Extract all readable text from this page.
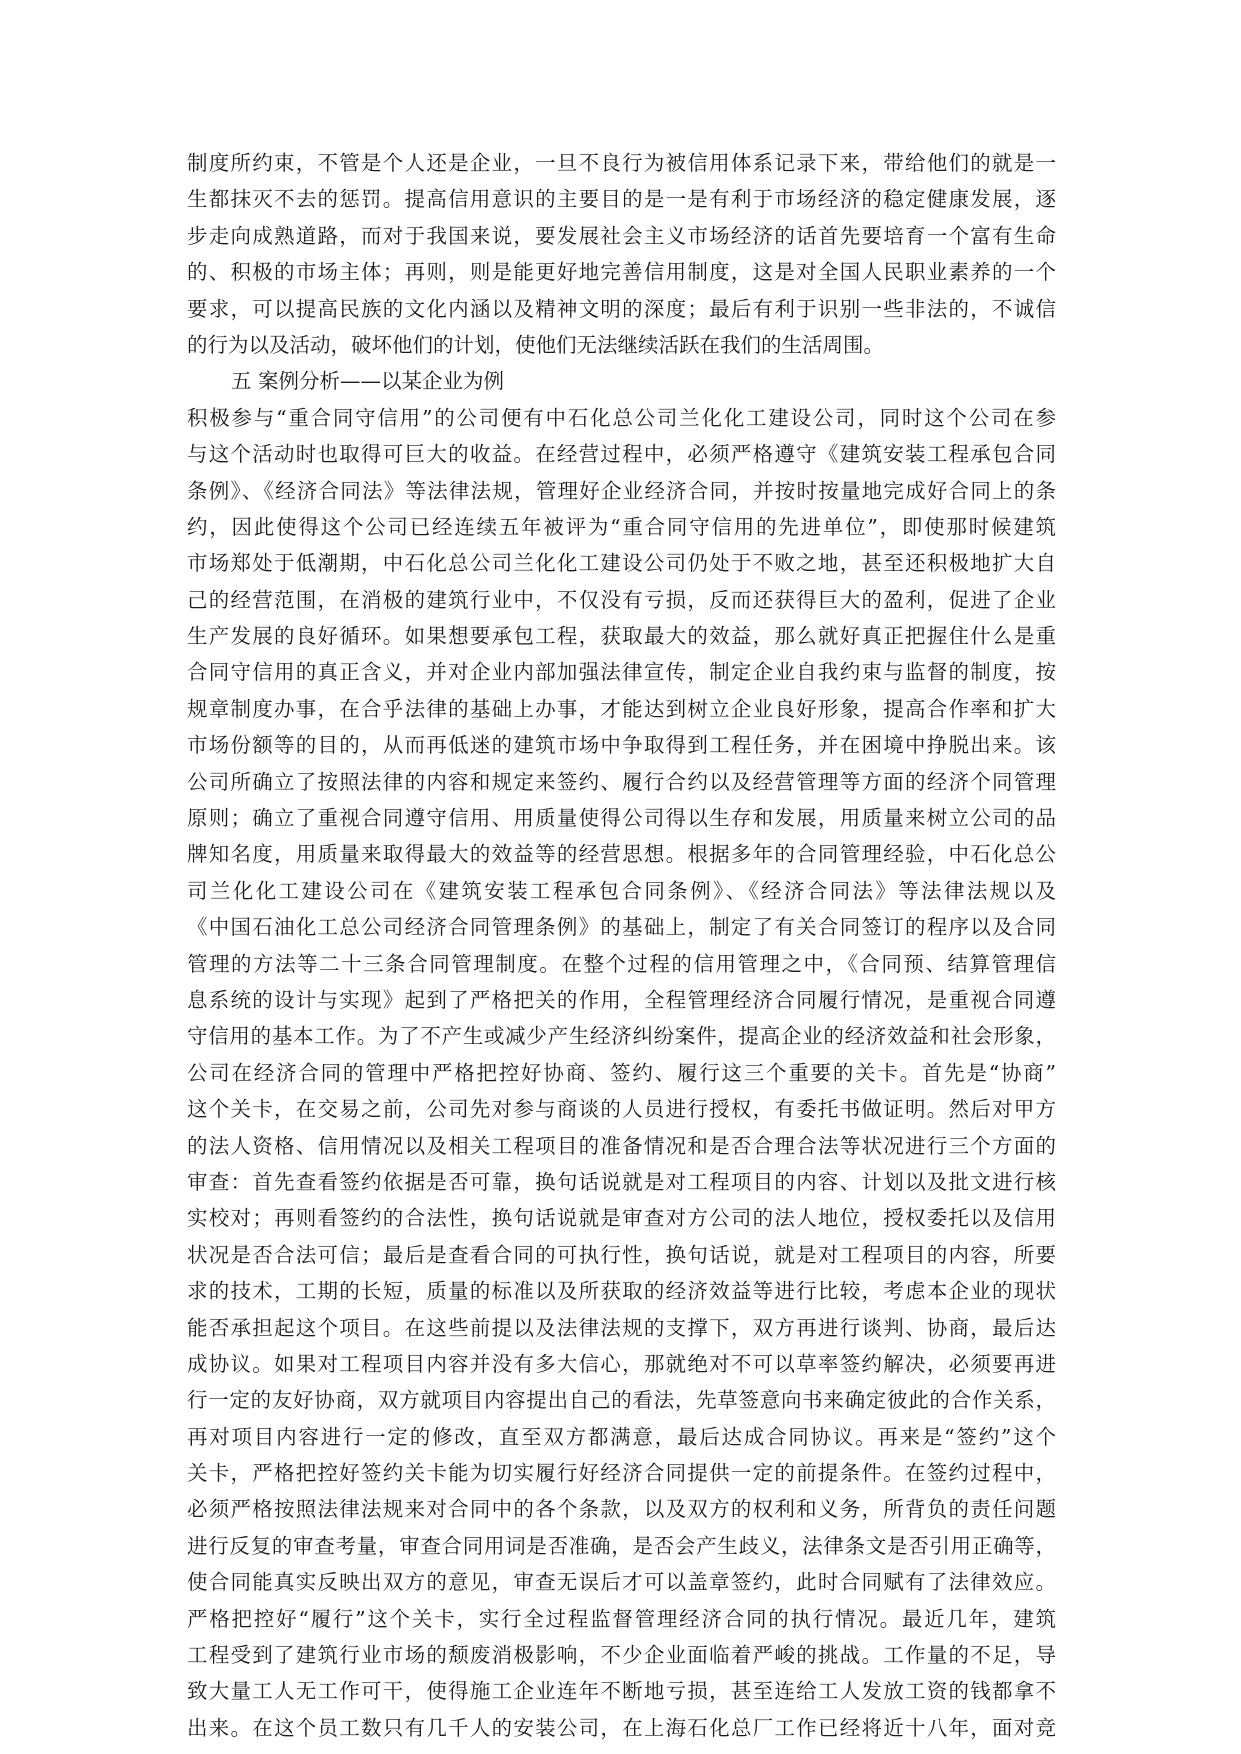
制度所约束，不管是个人还是企业，一旦不良行为被信用体系记录下来，带给他们的就是一
生都抹灭不去的惩罚。提高信用意识的主要目的是一是有利于市场经济的稳定健康发展，逐
步走向成熟道路，而对于我国来说，要发展社会主义市场经济的话首先要培育一个富有生命
的、积极的市场主体；再则，则是能更好地完善信用制度，这是对全国人民职业素养的一个
要求，可以提高民族的文化内涵以及精神文明的深度；最后有利于识别一些非法的，不诚信
的行为以及活动，破坏他们的计划，使他们无法继续活跃在我们的生活周围。
五 案例分析——以某企业为例
积极参与“重合同守信用”的公司便有中石化总公司兰化化工建设公司，同时这个公司在参
与这个活动时也取得可巨大的收益。在经营过程中，必须严格遵守《建筑安装工程承包合同
条例》、《经济合同法》等法律法规，管理好企业经济合同，并按时按量地完成好合同上的条
约，因此使得这个公司已经连续五年被评为“重合同守信用的先进单位”，即使那时候建筑
市场郑处于低潮期，中石化总公司兰化化工建设公司仍处于不败之地，甚至还积极地扩大自
己的经营范围，在消极的建筑行业中，不仅没有亏损，反而还获得巨大的盈利，促进了企业
生产发展的良好循环。如果想要承包工程，获取最大的效益，那么就好真正把握住什么是重
合同守信用的真正含义，并对企业内部加强法律宣传，制定企业自我约束与监督的制度，按
规章制度办事，在合乎法律的基础上办事，才能达到树立企业良好形象，提高合作率和扩大
市场份额等的目的，从而再低迷的建筑市场中争取得到工程任务，并在困境中挣脱出来。该
公司所确立了按照法律的内容和规定来签约、履行合约以及经营管理等方面的经济个同管理
原则；确立了重视合同遵守信用、用质量使得公司得以生存和发展，用质量来树立公司的品
牌知名度，用质量来取得最大的效益等的经营思想。根据多年的合同管理经验，中石化总公
司兰化化工建设公司在《建筑安装工程承包合同条例》、《经济合同法》等法律法规以及
《中国石油化工总公司经济合同管理条例》的基础上，制定了有关合同签订的程序以及合同
管理的方法等二十三条合同管理制度。在整个过程的信用管理之中，《合同预、结算管理信
息系统的设计与实现》起到了严格把关的作用，全程管理经济合同履行情况，是重视合同遵
守信用的基本工作。为了不产生或减少产生经济纠纷案件，提高企业的经济效益和社会形象，
公司在经济合同的管理中严格把控好协商、签约、履行这三个重要的关卡。首先是“协商”
这个关卡，在交易之前，公司先对参与商谈的人员进行授权，有委托书做证明。然后对甲方
的法人资格、信用情况以及相关工程项目的准备情况和是否合理合法等状况进行三个方面的
审查：首先查看签约依据是否可靠，换句话说就是对工程项目的内容、计划以及批文进行核
实校对；再则看签约的合法性，换句话说就是审查对方公司的法人地位，授权委托以及信用
状况是否合法可信；最后是查看合同的可执行性，换句话说，就是对工程项目的内容，所要
求的技术，工期的长短，质量的标准以及所获取的经济效益等进行比较，考虑本企业的现状
能否承担起这个项目。在这些前提以及法律法规的支撑下，双方再进行谈判、协商，最后达
成协议。如果对工程项目内容并没有多大信心，那就绝对不可以草率签约解决，必须要再进
行一定的友好协商，双方就项目内容提出自己的看法，先草签意向书来确定彼此的合作关系，
再对项目内容进行一定的修改，直至双方都满意，最后达成合同协议。再来是“签约”这个
关卡，严格把控好签约关卡能为切实履行好经济合同提供一定的前提条件。在签约过程中，
必须严格按照法律法规来对合同中的各个条款，以及双方的权利和义务，所背负的责任问题
进行反复的审查考量，审查合同用词是否准确，是否会产生歧义，法律条文是否引用正确等，
使合同能真实反映出双方的意见，审查无误后才可以盖章签约，此时合同赋有了法律效应。
严格把控好“履行”这个关卡，实行全过程监督管理经济合同的执行情况。最近几年，建筑
工程受到了建筑行业市场的颓废消极影响，不少企业面临着严峻的挑战。工作量的不足，导
致大量工人无工作可干，使得施工企业连年不断地亏损，甚至连给工人发放工资的钱都拿不
出来。在这个员工数只有几千人的安装公司，在上海石化总厂工作已经将近十八年，面对竞
